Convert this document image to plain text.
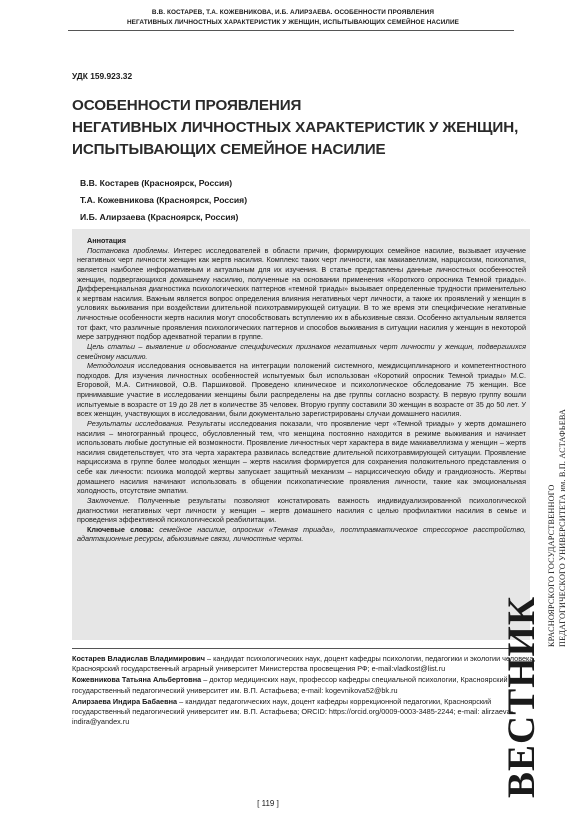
В.В. КОСТАРЕВ, Т.А. КОЖЕВНИКОВА, И.Б. АЛИРЗАЕВА. ОСОБЕННОСТИ ПРОЯВЛЕНИЯ
НЕГАТИВНЫХ ЛИЧНОСТНЫХ ХАРАКТЕРИСТИК У ЖЕНЩИН, ИСПЫТЫВАЮЩИХ СЕМЕЙНОЕ НАСИЛИЕ
УДК 159.923.32
ОСОБЕННОСТИ ПРОЯВЛЕНИЯ
НЕГАТИВНЫХ ЛИЧНОСТНЫХ ХАРАКТЕРИСТИК У ЖЕНЩИН,
ИСПЫТЫВАЮЩИХ СЕМЕЙНОЕ НАСИЛИЕ
В.В. Костарев (Красноярск, Россия)
Т.А. Кожевникова (Красноярск, Россия)
И.Б. Алирзаева (Красноярск, Россия)

Аннотация

Постановка проблемы. Интерес исследователей в области причин, формирующих семейное насилие, вызывает изучение негативных черт личности женщин как жертв насилия. Комплекс таких черт личности, как макиавеллизм, нарциссизм, психопатия, является наиболее информативным и актуальным для их изучения. В статье представлены данные личностных особенностей женщин, подвергающихся домашнему насилию, полученные на основании применения «Короткого опросника Темной триады». Дифференциальная диагностика психологических паттернов «темной триады» вызывает определенные трудности применительно к жертвам насилия. Важным является вопрос определения влияния негативных черт личности, а также их проявлений у женщин в условиях выживания при воздействии длительной психотравмирующей ситуации. В то же время эти специфические негативные личностные особенности жертв насилия могут способствовать вступлению их в абьюзивные связи. Особенно актуальным является тот факт, что различные проявления психологических паттернов и способов выживания в ситуации насилия у женщин в некоторой мере затрудняют подбор адекватной терапии в группе.

Цель статьи – выявление и обоснование специфических признаков негативных черт личности у женщин, подвергшихся семейному насилию.

Методология исследования основывается на интеграции положений системного, междисциплинарного и компетентностного подходов. Для изучения личностных особенностей испытуемых был использован «Короткий опросник Темной триады» М.С. Егоровой, М.А. Ситниковой, О.В. Паршиковой. Проведено клиническое и психологическое обследование 75 женщин. Все принимавшие участие в исследовании женщины были распределены на две группы согласно возрасту. В первую группу вошли испытуемые в возрасте от 19 до 28 лет в количестве 35 человек. Вторую группу составили 30 женщин в возрасте от 35 до 50 лет. У всех женщин, участвующих в исследовании, были документально зарегистрированы случаи домашнего насилия.

Результаты исследования. Результаты исследования показали, что проявление черт «Темной триады» у жертв домашнего насилия – многогранный процесс, обусловленный тем, что женщина постоянно находится в режиме выживания и начинает использовать любые доступные ей возможности. Проявление личностных черт характера в виде макиавеллизма у женщин – жертв насилия свидетельствует, что эта черта характера развилась вследствие длительной психотравмирующей ситуации. Проявление нарциссизма в группе более молодых женщин – жертв насилия формируется для сохранения положительного представления о себе как личности: психика молодой жертвы запускает защитный механизм – нарциссическую обиду и грандиозность. Жертвы домашнего насилия начинают использовать в общении психопатические проявления личности, такие как эмоциональная холодность, отсутствие эмпатии.

Заключение. Полученные результаты позволяют констатировать важность индивидуализированной психологической диагностики негативных черт личности у женщин – жертв домашнего насилия с целью профилактики насилия в семье и проведения эффективной психологической реабилитации.

Ключевые слова: семейное насилие, опросник «Темная триада», посттравматическое стрессорное расстройство, адаптационные ресурсы, абьюзивные связи, личностные черты.

Костарев Владислав Владимирович – кандидат психологических наук, доцент кафедры психологии, педагогики и экологии человека, Красноярский государственный аграрный университет Министерства просвещения РФ; e-mail:vladkost@list.ru

Кожевникова Татьяна Альбертовна – доктор медицинских наук, профессор кафедры специальной психологии, Красноярский государственный педагогический университет им. В.П. Астафьева; e-mail: kogevnikova52@bk.ru

Алирзаева Индира Бабаевна – кандидат педагогических наук, доцент кафедры коррекционной педагогики, Красноярский государственный педагогический университет им. В.П. Астафьева; ORCID: https://orcid.org/0009-0003-3485-2244; e-mail: alirzaeva-indira@yandex.ru

[ 119 ]
ВЕСТНИК
КРАСНОЯРСКОГО ГОСУДАРСТВЕННОГО ПЕДАГОГИЧЕСКОГО УНИВЕРСИТЕТА им. В.П. АСТАФЬЕВА
